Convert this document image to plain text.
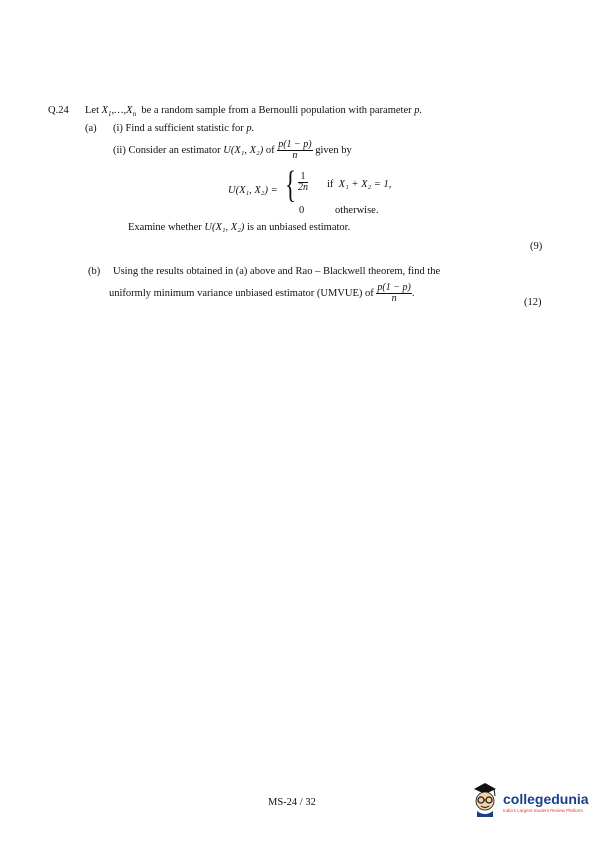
Q.24 Let $X_1,\dots,X_n$ be a random sample from a Bernoulli population with parameter p.
(a) (i) Find a sufficient statistic for p.
(ii) Consider an estimator U(X₁, X₂) of $\frac{p(1 - p)}{n}$ given by
U(X₁, X₂) = { $\frac{1}{2n}$ if X₁ + X₂ = 1,
0	otherwise.
Examine whether U(X₁, X₂) is an unbiased estimator.
(9)
(b) Using the results obtained in (a) above and Rao – Blackwell theorem, find the
uniformly minimum variance unbiased estimator (UMVUE) of $\frac{p(1 - p)}{n}$ .
(12)
MS-24 / 32	collegedunia
India's Largest Student Review Platform
